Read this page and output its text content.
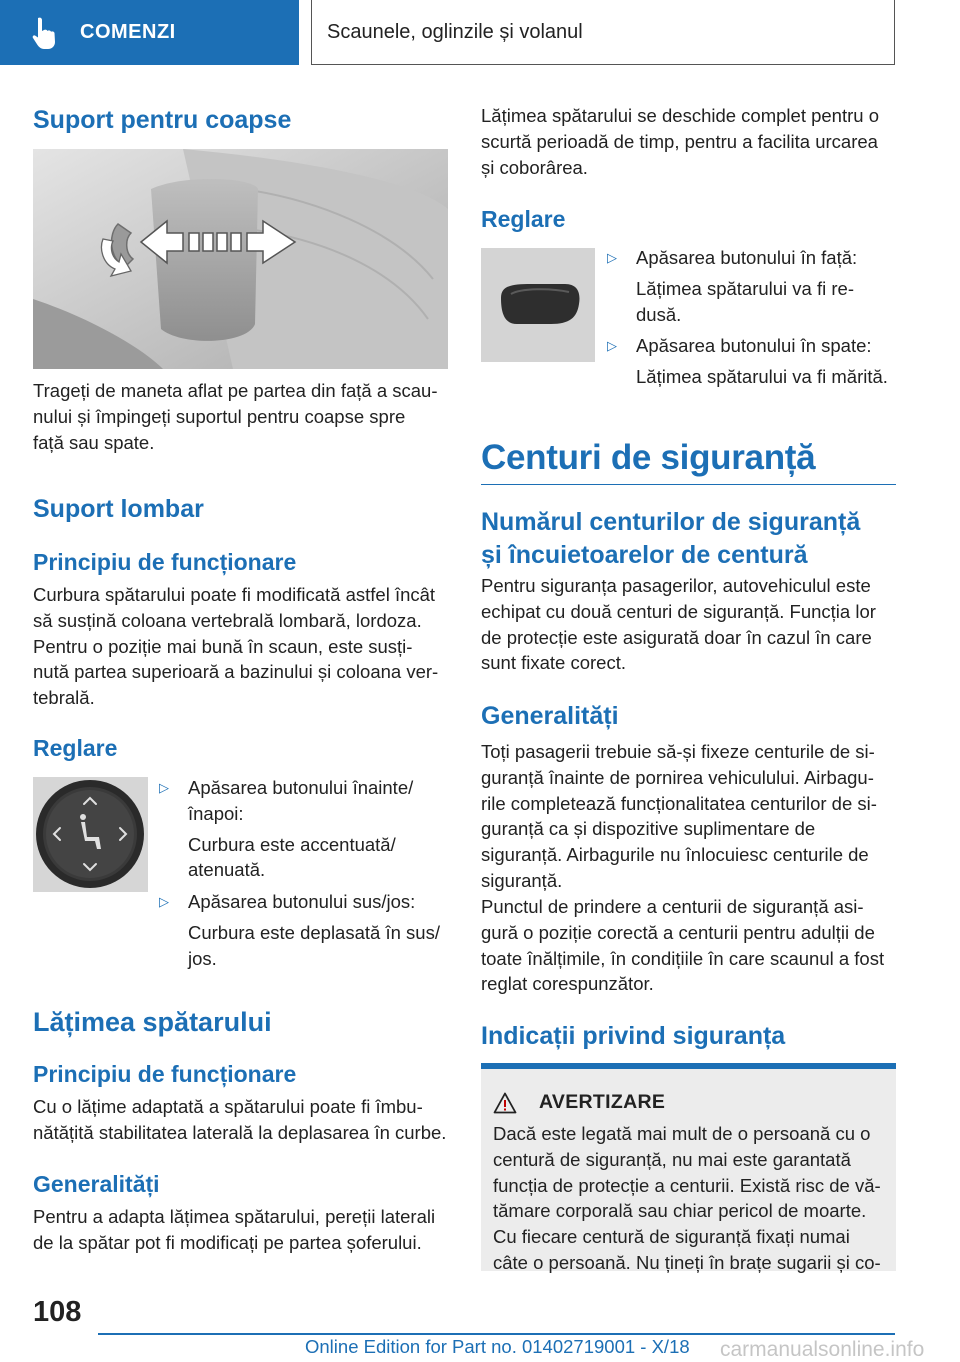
COMENZI	Scaunele, oglinzile și volanul
Suport pentru coapse
Trageți de maneta aflat pe partea din față a scau-
nului și împingeți suportul pentru coapse spre
față sau spate.
Suport lombar
Principiu de funcționare
Curbura spătarului poate fi modificată astfel încât
să susțină coloana vertebrală lombară, lordoza.
Pentru o poziție mai bună în scaun, este susți-
nută partea superioară a bazinului și coloana ver-
tebrală.
Reglare
▷	Apăsarea butonului înainte/
înapoi:
Curbura este accentuată/
atenuată.
▷	Apăsarea butonului sus/jos:
Curbura este deplasată în sus/
jos.
Lățimea spătarului
Principiu de funcționare
Cu o lățime adaptată a spătarului poate fi îmbu-
nătățită stabilitatea laterală la deplasarea în curbe.
Generalități
Pentru a adapta lățimea spătarului, pereții laterali
de la spătar pot fi modificați pe partea șoferului.
Lățimea spătarului se deschide complet pentru o
scurtă perioadă de timp, pentru a facilita urcarea
și coborârea.
Reglare
▷	Apăsarea butonului în față:
Lățimea spătarului va fi re-
dusă.
▷	Apăsarea butonului în spate:
Lățimea spătarului va fi mărită.
Centuri de siguranță
Numărul centurilor de siguranță
și încuietoarelor de centură
Pentru siguranța pasagerilor, autovehiculul este
echipat cu două centuri de siguranță. Funcția lor
de protecție este asigurată doar în cazul în care
sunt fixate corect.
Generalități
Toți pasagerii trebuie să-și fixeze centurile de si-
guranță înainte de pornirea vehiculului. Airbagu-
rile completează funcționalitatea centurilor de si-
guranță ca și dispozitive suplimentare de
siguranță. Airbagurile nu înlocuiesc centurile de
siguranță.
Punctul de prindere a centurii de siguranță asi-
gură o poziție corectă a centurii pentru adulții de
toate înălțimile, în condițiile în care scaunul a fost
reglat corespunzător.
Indicații privind siguranța
AVERTIZARE
Dacă este legată mai mult de o persoană cu o
centură de siguranță, nu mai este garantată
funcția de protecție a centurii. Există risc de vă-
tămare corporală sau chiar pericol de moarte.
Cu fiecare centură de siguranță fixați numai
câte o persoană. Nu țineți în brațe sugarii și co-
108
Online Edition for Part no. 01402719001 - X/18 carmanualsonline.info
